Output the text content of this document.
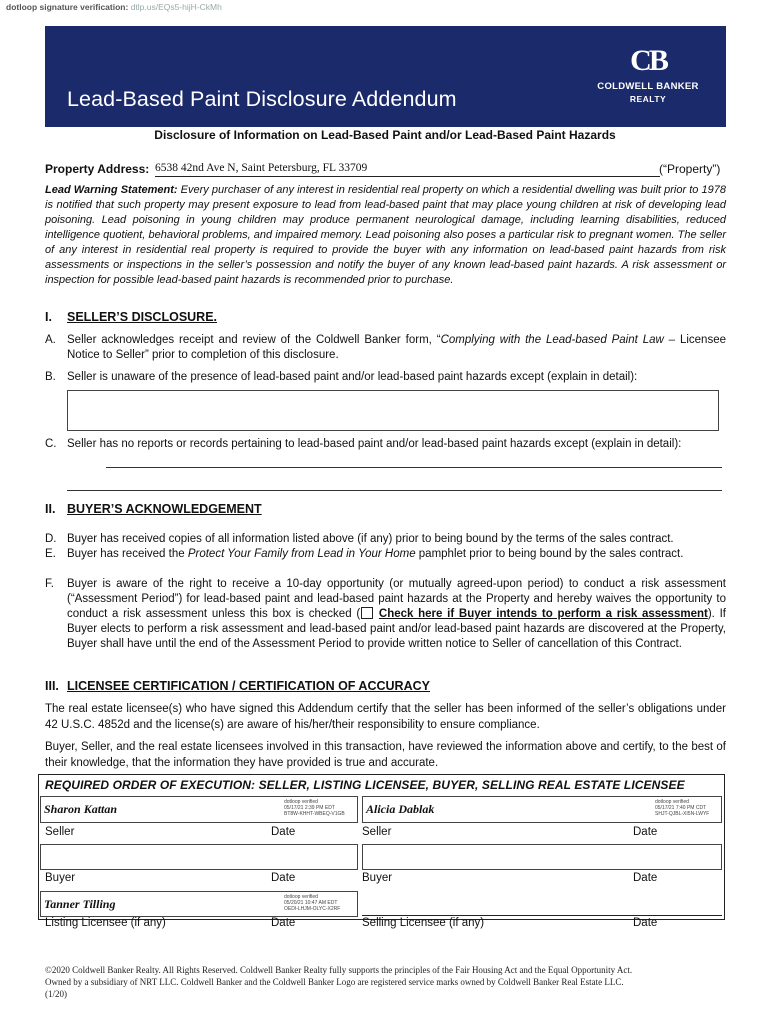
dotloop signature verification: dtlp.us/EQs5-hijH-CkMh
Lead-Based Paint Disclosure Addendum
CB
COLDWELL BANKER
REALTY
Disclosure of Information on Lead-Based Paint and/or Lead-Based Paint Hazards
Property Address: 6538 42nd Ave N, Saint Petersburg, FL 33709	(“Property”)
Lead Warning Statement: Every purchaser of any interest in residential real property on which a residential dwelling was built prior to 1978 is notified that such property may present exposure to lead from lead-based paint that may place young children at risk of developing lead poisoning. Lead poisoning in young children may produce permanent neurological damage, including learning disabilities, reduced intelligence quotient, behavioral problems, and impaired memory. Lead poisoning also poses a particular risk to pregnant women. The seller of any interest in residential real property is required to provide the buyer with any information on lead-based paint hazards from risk assessments or inspections in the seller’s possession and notify the buyer of any known lead-based paint hazards. A risk assessment or inspection for possible lead-based paint hazards is recommended prior to purchase.
I. SELLER’S DISCLOSURE.
A. Seller acknowledges receipt and review of the Coldwell Banker form, “Complying with the Lead-based Paint Law – Licensee Notice to Seller” prior to completion of this disclosure.
B. Seller is unaware of the presence of lead-based paint and/or lead-based paint hazards except (explain in detail):
C. Seller has no reports or records pertaining to lead-based paint and/or lead-based paint hazards except (explain in detail):
II. BUYER’S ACKNOWLEDGEMENT
D. Buyer has received copies of all information listed above (if any) prior to being bound by the terms of the sales contract.
E. Buyer has received the Protect Your Family from Lead in Your Home pamphlet prior to being bound by the sales contract.
F. Buyer is aware of the right to receive a 10-day opportunity (or mutually agreed-upon period) to conduct a risk assessment (“Assessment Period”) for lead-based paint and lead-based paint hazards at the Property and hereby waives the opportunity to conduct a risk assessment unless this box is checked ( Check here if Buyer intends to perform a risk assessment). If Buyer elects to perform a risk assessment and lead-based paint and/or lead-based paint hazards are discovered at the Property, Buyer shall have until the end of the Assessment Period to provide written notice to Seller of cancellation of this Contract.
III. LICENSEE CERTIFICATION / CERTIFICATION OF ACCURACY
The real estate licensee(s) who have signed this Addendum certify that the seller has been informed of the seller’s obligations under 42 U.S.C. 4852d and the license(s) are aware of his/her/their responsibility to ensure compliance.
Buyer, Seller, and the real estate licensees involved in this transaction, have reviewed the information above and certify, to the best of their knowledge, that the information they have provided is true and accurate.
REQUIRED ORDER OF EXECUTION: SELLER, LISTING LICENSEE, BUYER, SELLING REAL ESTATE LICENSEE
Sharon Kattan	dotloop verified
05/17/21 2:39 PM EDT
BT8W-KHHT-WBEQ-V1GB	Alicia Dablak	dotloop verified
05/17/21 7:40 PM CDT
SHJT-QJBL-XI5N-LWYF
Seller	Date	Seller	Date
Buyer	Date	Buyer	Date
Tanner Tilling	dotloop verified
05/20/21 10:47 AM EDT
OEDI-LHJM-OLYC-X2RF
Listing Licensee (if any)	Date	Selling Licensee (if any)	Date
©2020 Coldwell Banker Realty. All Rights Reserved. Coldwell Banker Realty fully supports the principles of the Fair Housing Act and the Equal Opportunity Act.
Owned by a subsidiary of NRT LLC. Coldwell Banker and the Coldwell Banker Logo are registered service marks owned by Coldwell Banker Real Estate LLC.
(1/20)
